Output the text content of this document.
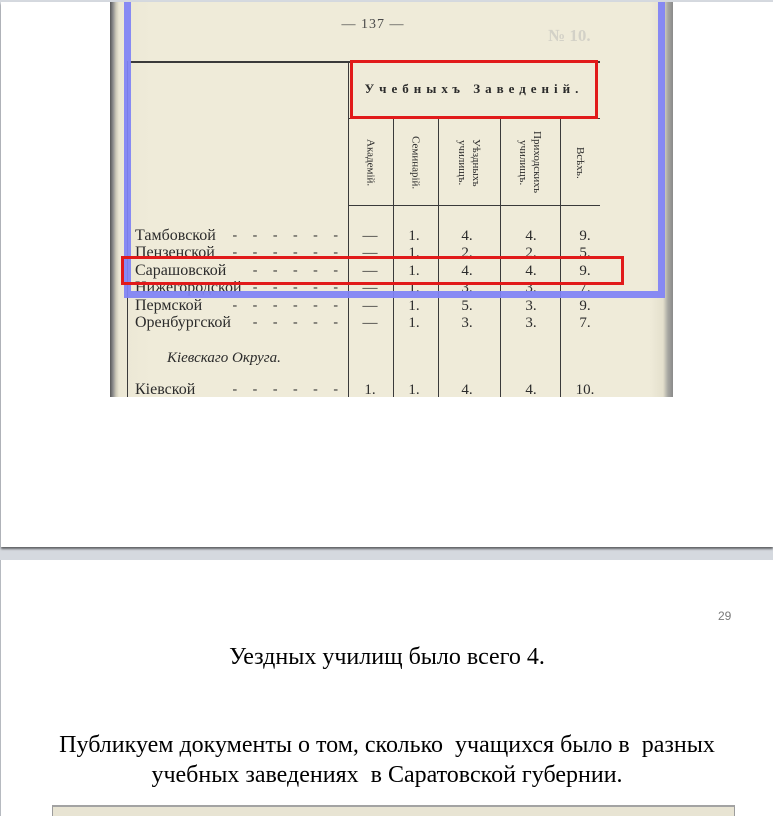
— 137 —
№ 10.
Учебныхъ Заведеній.
Академій.	Семинарій.	Уѣздныхъ
училищъ.	Приходскихъ
училищъ.	Всѣхъ.
Кіевскаго Округа.
Тамбовской - - - - - -	—	1.	4.	4.	9.
Пензенской - - - - - -	—	1.	2.	2.	5.
Сарашовской - - - - -	—	1.	4.	4.	9.
Нижегородской - - - - -	—	1.	3.	3.	7.
Пермской - - - - - -	—	1.	5.	3.	9.
Оренбургской - - - - -	—	1.	3.	3.	7.
Кіевской	- - - - - -	1.	1.	4.	4.	10.
29
Уездных училищ было всего 4.
Публикуем документы о том, сколько  учащихся было в  разных
учебных заведениях  в Саратовской губернии.
